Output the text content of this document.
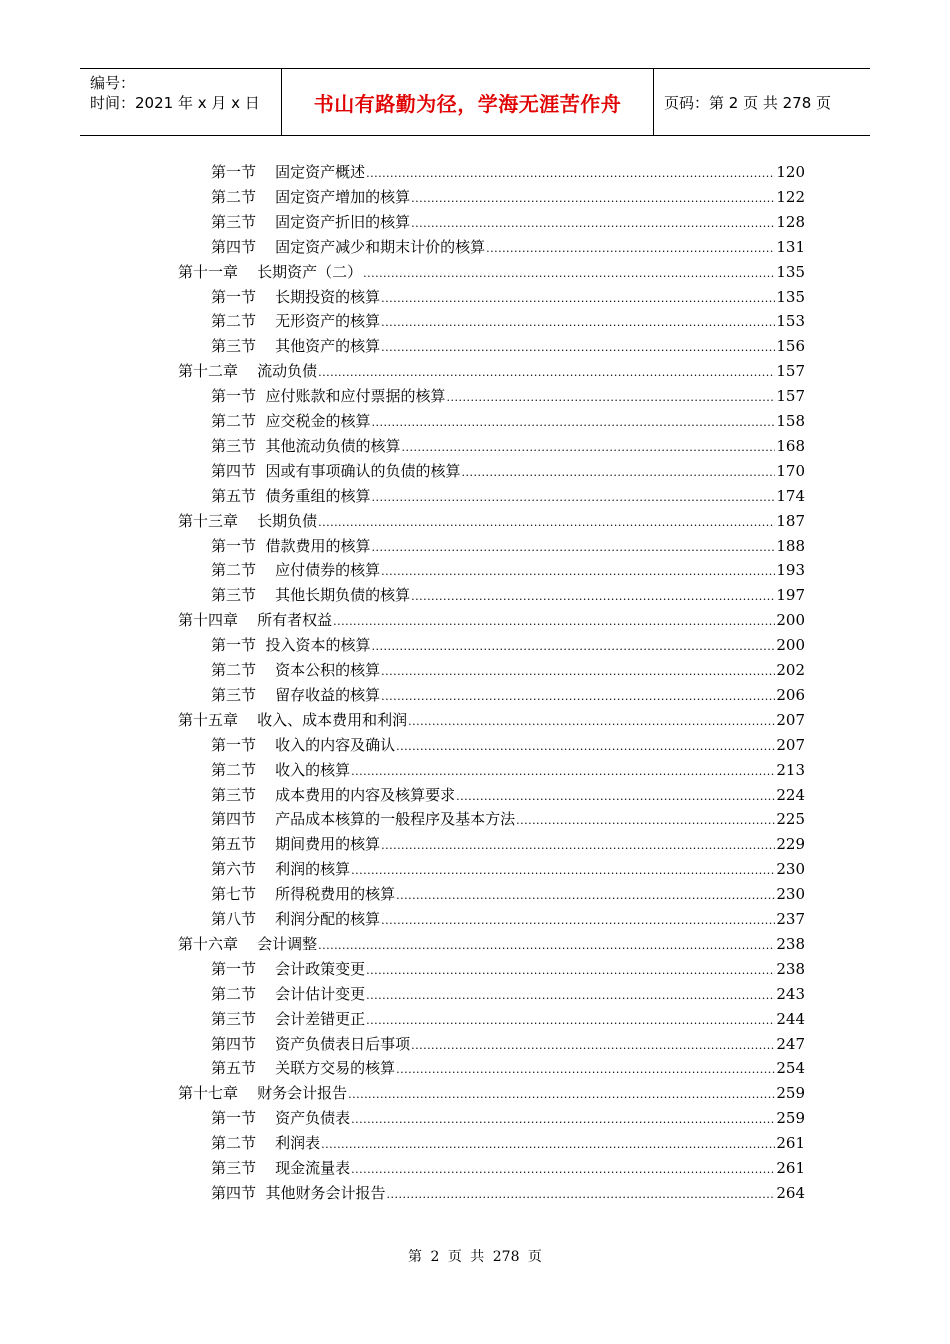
编号：
时间：2021 年 x 月 x 日	书山有路勤为径，学海无涯苦作舟	页码：第 2 页 共 278 页
第一节    固定资产概述 .....	120
第二节    固定资产增加的核算 .....	122
第三节    固定资产折旧的核算 .....	128
第四节    固定资产减少和期末计价的核算 .....	131
第十一章    长期资产（二） .....	135
第一节    长期投资的核算 .....	135
第二节    无形资产的核算 .....	153
第三节    其他资产的核算 .....	156
第十二章    流动负债 .....	157
第一节  应付账款和应付票据的核算 .....	157
第二节  应交税金的核算 .....	158
第三节  其他流动负债的核算 .....	168
第四节  因或有事项确认的负债的核算 .....	170
第五节  债务重组的核算 .....	174
第十三章    长期负债 .....	187
第一节  借款费用的核算 .....	188
第二节    应付债券的核算 .....	193
第三节    其他长期负债的核算 .....	197
第十四章    所有者权益 .....	200
第一节  投入资本的核算 .....	200
第二节    资本公积的核算 .....	202
第三节    留存收益的核算 .....	206
第十五章    收入、成本费用和利润 .....	207
第一节    收入的内容及确认 .....	207
第二节    收入的核算 .....	213
第三节    成本费用的内容及核算要求 .....	224
第四节    产品成本核算的一般程序及基本方法 .....	225
第五节    期间费用的核算 .....	229
第六节    利润的核算 .....	230
第七节    所得税费用的核算 .....	230
第八节    利润分配的核算 .....	237
第十六章    会计调整 .....	238
第一节    会计政策变更 .....	238
第二节    会计估计变更 .....	243
第三节    会计差错更正 .....	244
第四节    资产负债表日后事项 .....	247
第五节    关联方交易的核算 .....	254
第十七章    财务会计报告 .....	259
第一节    资产负债表 .....	259
第二节    利润表 .....	261
第三节    现金流量表 .....	261
第四节  其他财务会计报告 .....	264
第 2 页 共 278 页
